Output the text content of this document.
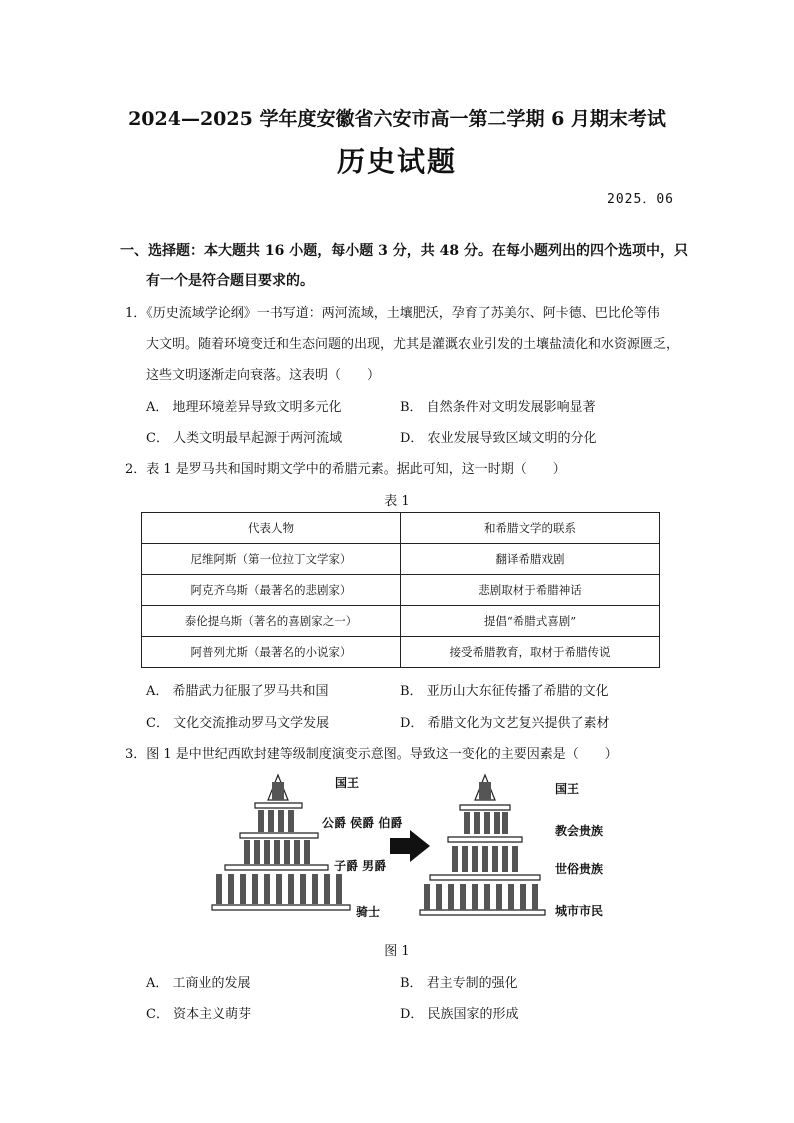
2024—2025 学年度安徽省六安市高一第二学期 6 月期末考试
历史试题
2025．06
一、选择题：本大题共 16 小题，每小题 3 分，共 48 分。在每小题列出的四个选项中，只
有一个是符合题目要求的。
1．《历史流域学论纲》一书写道：两河流域，土壤肥沃，孕育了苏美尔、阿卡德、巴比伦等伟
大文明。随着环境变迁和生态问题的出现，尤其是灌溉农业引发的土壤盐渍化和水资源匮乏，
这些文明逐渐走向衰落。这表明（　　）
A． 地理环境差异导致文明多元化	B． 自然条件对文明发展影响显著
C． 人类文明最早起源于两河流域	D． 农业发展导致区域文明的分化
2．表 1 是罗马共和国时期文学中的希腊元素。据此可知，这一时期（　　）
表 1
代表人物	和希腊文学的联系
尼维阿斯（第一位拉丁文学家）	翻译希腊戏剧
阿克齐乌斯（最著名的悲剧家）	悲剧取材于希腊神话
泰伦提乌斯（著名的喜剧家之一）	提倡“希腊式喜剧”
阿普列尤斯（最著名的小说家）	接受希腊教育，取材于希腊传说
A． 希腊武力征服了罗马共和国	B． 亚历山大东征传播了希腊的文化
C． 文化交流推动罗马文学发展	D． 希腊文化为文艺复兴提供了素材
3．图 1 是中世纪西欧封建等级制度演变示意图。导致这一变化的主要因素是（　　）
国王
公爵 侯爵 伯爵
子爵 男爵
骑士
国王
教会贵族
世俗贵族
城市市民
图 1
A． 工商业的发展	B． 君主专制的强化
C． 资本主义萌芽	D． 民族国家的形成
